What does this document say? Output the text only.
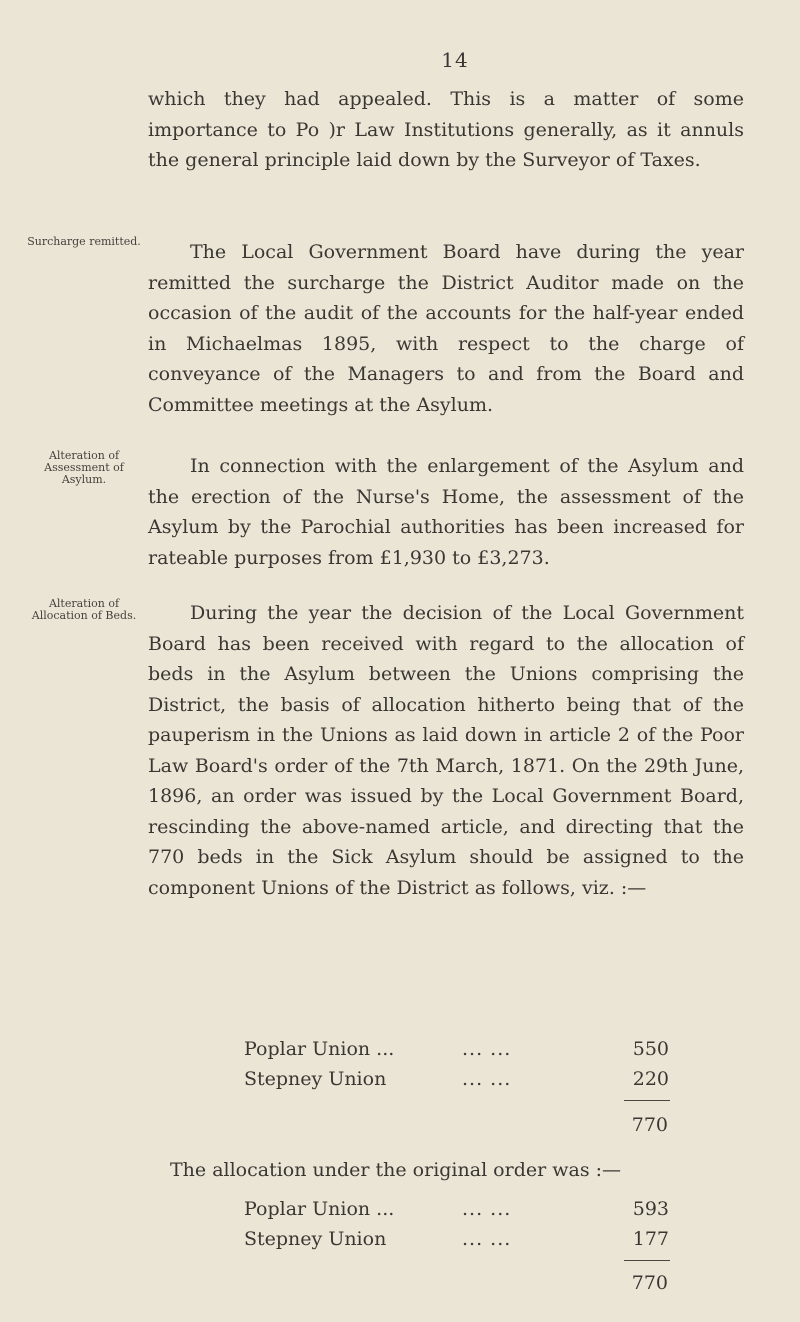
14

which they had appealed. This is a matter of some importance to Po )r Law Institutions generally, as it annuls the general principle laid down by the Surveyor of Taxes.

Surcharge remitted.	The Local Government Board have during the year remitted the surcharge the District Auditor made on the occasion of the audit of the accounts for the half-year ended in Michaelmas 1895, with respect to the charge of conveyance of the Managers to and from the Board and Committee meetings at the Asylum.

Alteration of Assessment of Asylum.

In connection with the enlargement of the Asylum and the erection of the Nurse's Home, the assessment of the Asylum by the Parochial authorities has been increased for rateable purposes from £1,930 to £3,273.

Alteration of Allocation of Beds.	During the year the decision of the Local Government Board has been received with regard to the allocation of beds in the Asylum between the Unions comprising the District, the basis of allocation hitherto being that of the pauperism in the Unions as laid down in article 2 of the Poor Law Board's order of the 7th March, 1871. On the 29th June, 1896, an order was issued by the Local Government Board, rescinding the above-named article, and directing that the 770 beds in the Sick Asylum should be assigned to the component Unions of the District as follows, viz. :—

Poplar Union ...	... ...	550
Stepney Union	... ...	220
770
The allocation under the original order was :—
Poplar Union ...	... ...	593
Stepney Union	... ...	177
770
